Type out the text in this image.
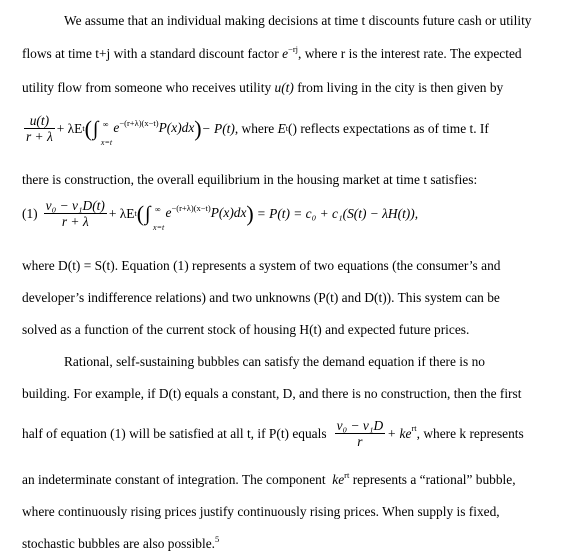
We assume that an individual making decisions at time t discounts future cash or utility
flows at time t+j with a standard discount factor $e^{-rj}$, where r is the interest rate. The expected
utility flow from someone who receives utility u(t) from living in the city is then given by
$\frac{u(t)}{r + \lambda} + \lambda E$ t ( ∫ ∞
x=t
$e^{-(r+\lambda)(x-t)}P(x)dx$ ) − P(t) , where
E t ()
reflects expectations as of time t. If
there is construction, the overall equilibrium in the housing market at time t satisfies:
$(1) \frac{\text{v₀ − v₁D(t)}}{r + \lambda} + \lambda E$ t ( ∫ ∞
x=t
$e^{-(r+\lambda)(x-t)}P(x)dx$ ) = P(t) = c₀ + c₁(S(t) − λH(t)),
where D(t) = S(t). Equation (1) represents a system of two equations (the consumer’s and
developer’s indifference relations) and two unknowns (P(t) and D(t)). This system can be
solved as a function of the current stock of housing H(t) and expected future prices.
Rational, self-sustaining bubbles can satisfy the demand equation if there is no
building. For example, if D(t) equals a constant, D, and there is no construction, then the first
half of equation (1) will be satisfied at all t, if P(t) equals $\frac{\text{v₀ − v₁D}}{r}$ + ke rt , where k represents
an indeterminate constant of integration. The component $ke^{rt}$ represents a “rational” bubble,
where continuously rising prices justify continuously rising prices. When supply is fixed,
stochastic bubbles are also possible.$^5$
